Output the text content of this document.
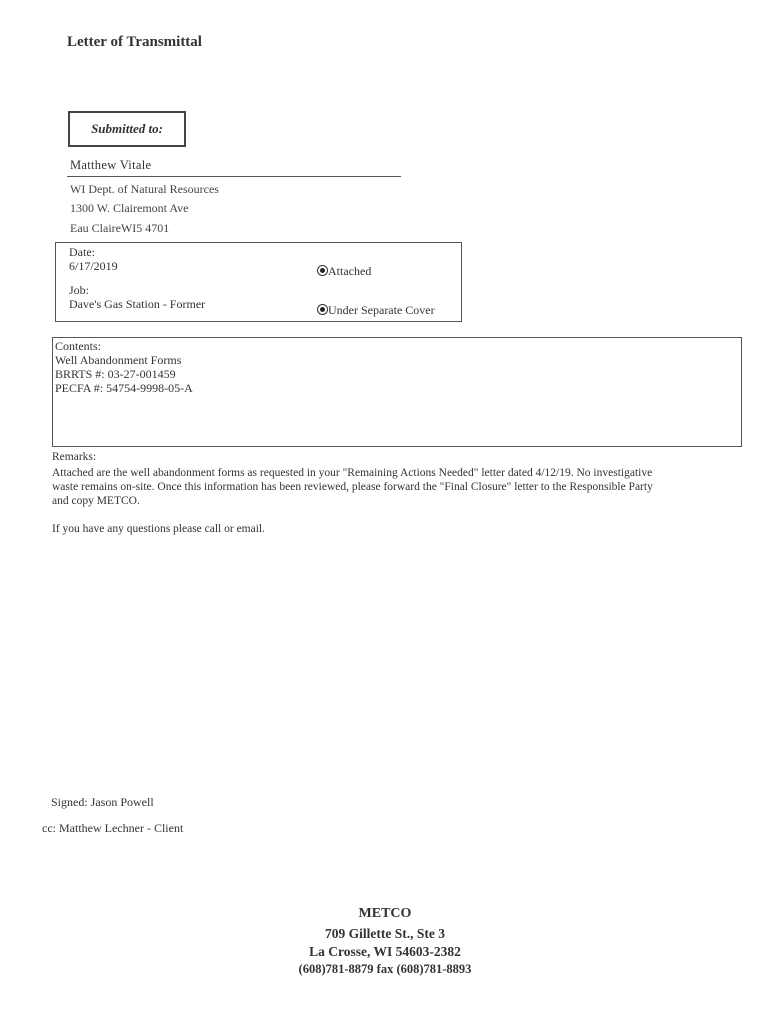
Letter of Transmittal
Submitted to:
Matthew Vitale
WI Dept. of Natural Resources
1300 W. Clairemont Ave
Eau ClaireWI5 4701
Date:
6/17/2019
Job:
Dave's Gas Station - Former
Attached
Under Separate Cover
Contents:
Well Abandonment Forms
BRRTS #: 03-27-001459
PECFA #: 54754-9998-05-A
Remarks:
Attached are the well abandonment forms as requested in your "Remaining Actions Needed" letter dated 4/12/19. No investigative
waste remains on-site. Once this information has been reviewed, please forward the "Final Closure" letter to the Responsible Party
and copy METCO.
If you have any questions please call or email.
Signed: Jason Powell
cc: Matthew Lechner - Client
METCO
709 Gillette St., Ste 3
La Crosse, WI 54603-2382
(608)781-8879 fax (608)781-8893
